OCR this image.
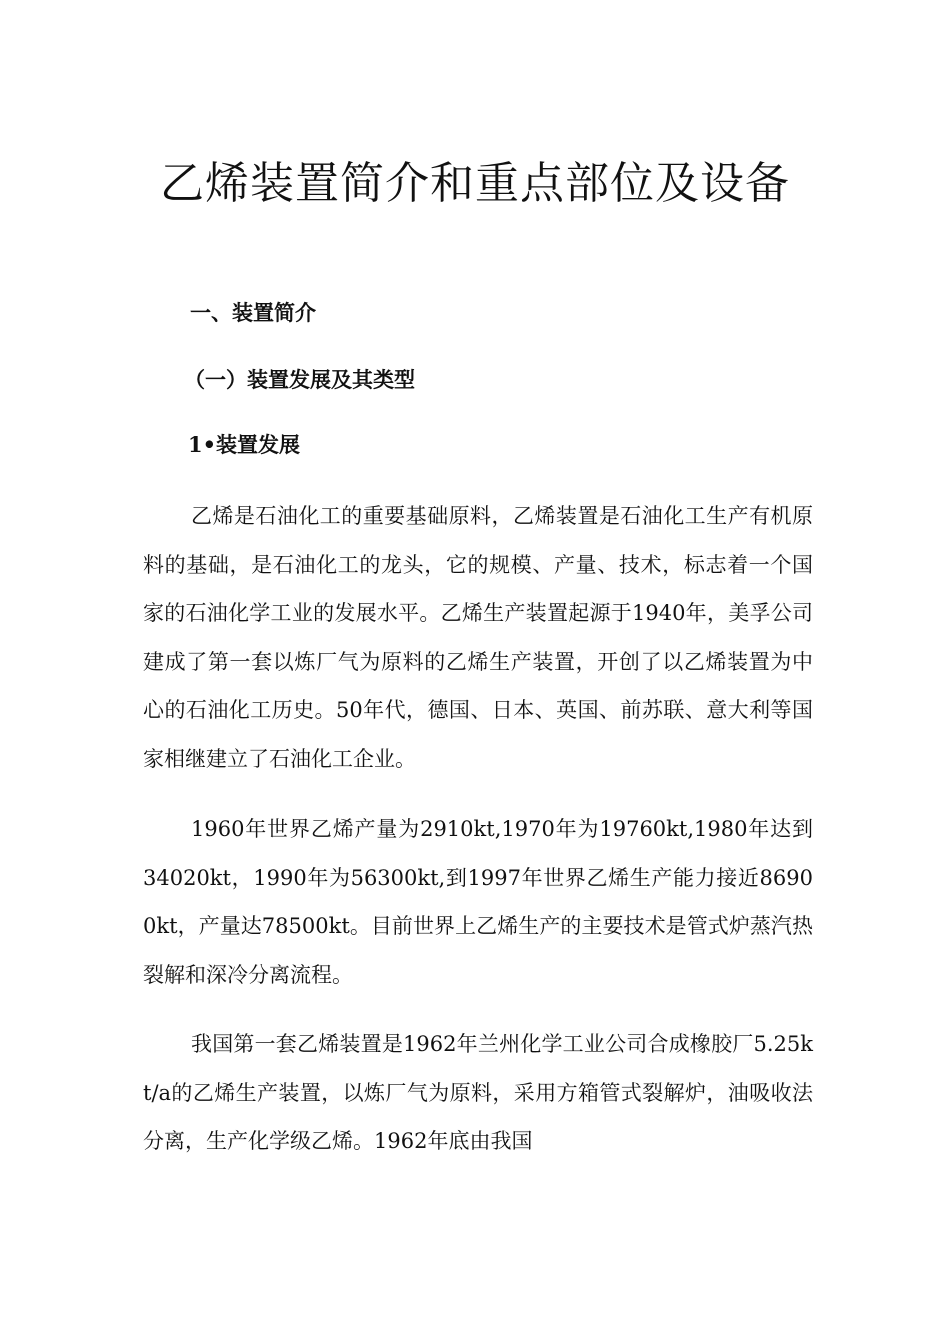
乙烯装置简介和重点部位及设备
一、装置简介
（一）装置发展及其类型
1•装置发展

乙烯是石油化工的重要基础原料，乙烯装置是石油化工生产有机原料的基础，是石油化工的龙头，它的规模、产量、技术，标志着一个国家的石油化学工业的发展水平。乙烯生产装置起源于1940年，美孚公司建成了第一套以炼厂气为原料的乙烯生产装置，开创了以乙烯装置为中心的石油化工历史。50年代，德国、日本、英国、前苏联、意大利等国家相继建立了石油化工企业。

1960年世界乙烯产量为2910kt,1970年为19760kt,1980年达到34020kt，1990年为56300kt,到1997年世界乙烯生产能力接近86900kt，产量达78500kt。目前世界上乙烯生产的主要技术是管式炉蒸汽热裂解和深冷分离流程。

我国第一套乙烯装置是1962年兰州化学工业公司合成橡胶厂5.25kt/a的乙烯生产装置，以炼厂气为原料，采用方箱管式裂解炉，油吸收法分离，生产化学级乙烯。1962年底由我国
